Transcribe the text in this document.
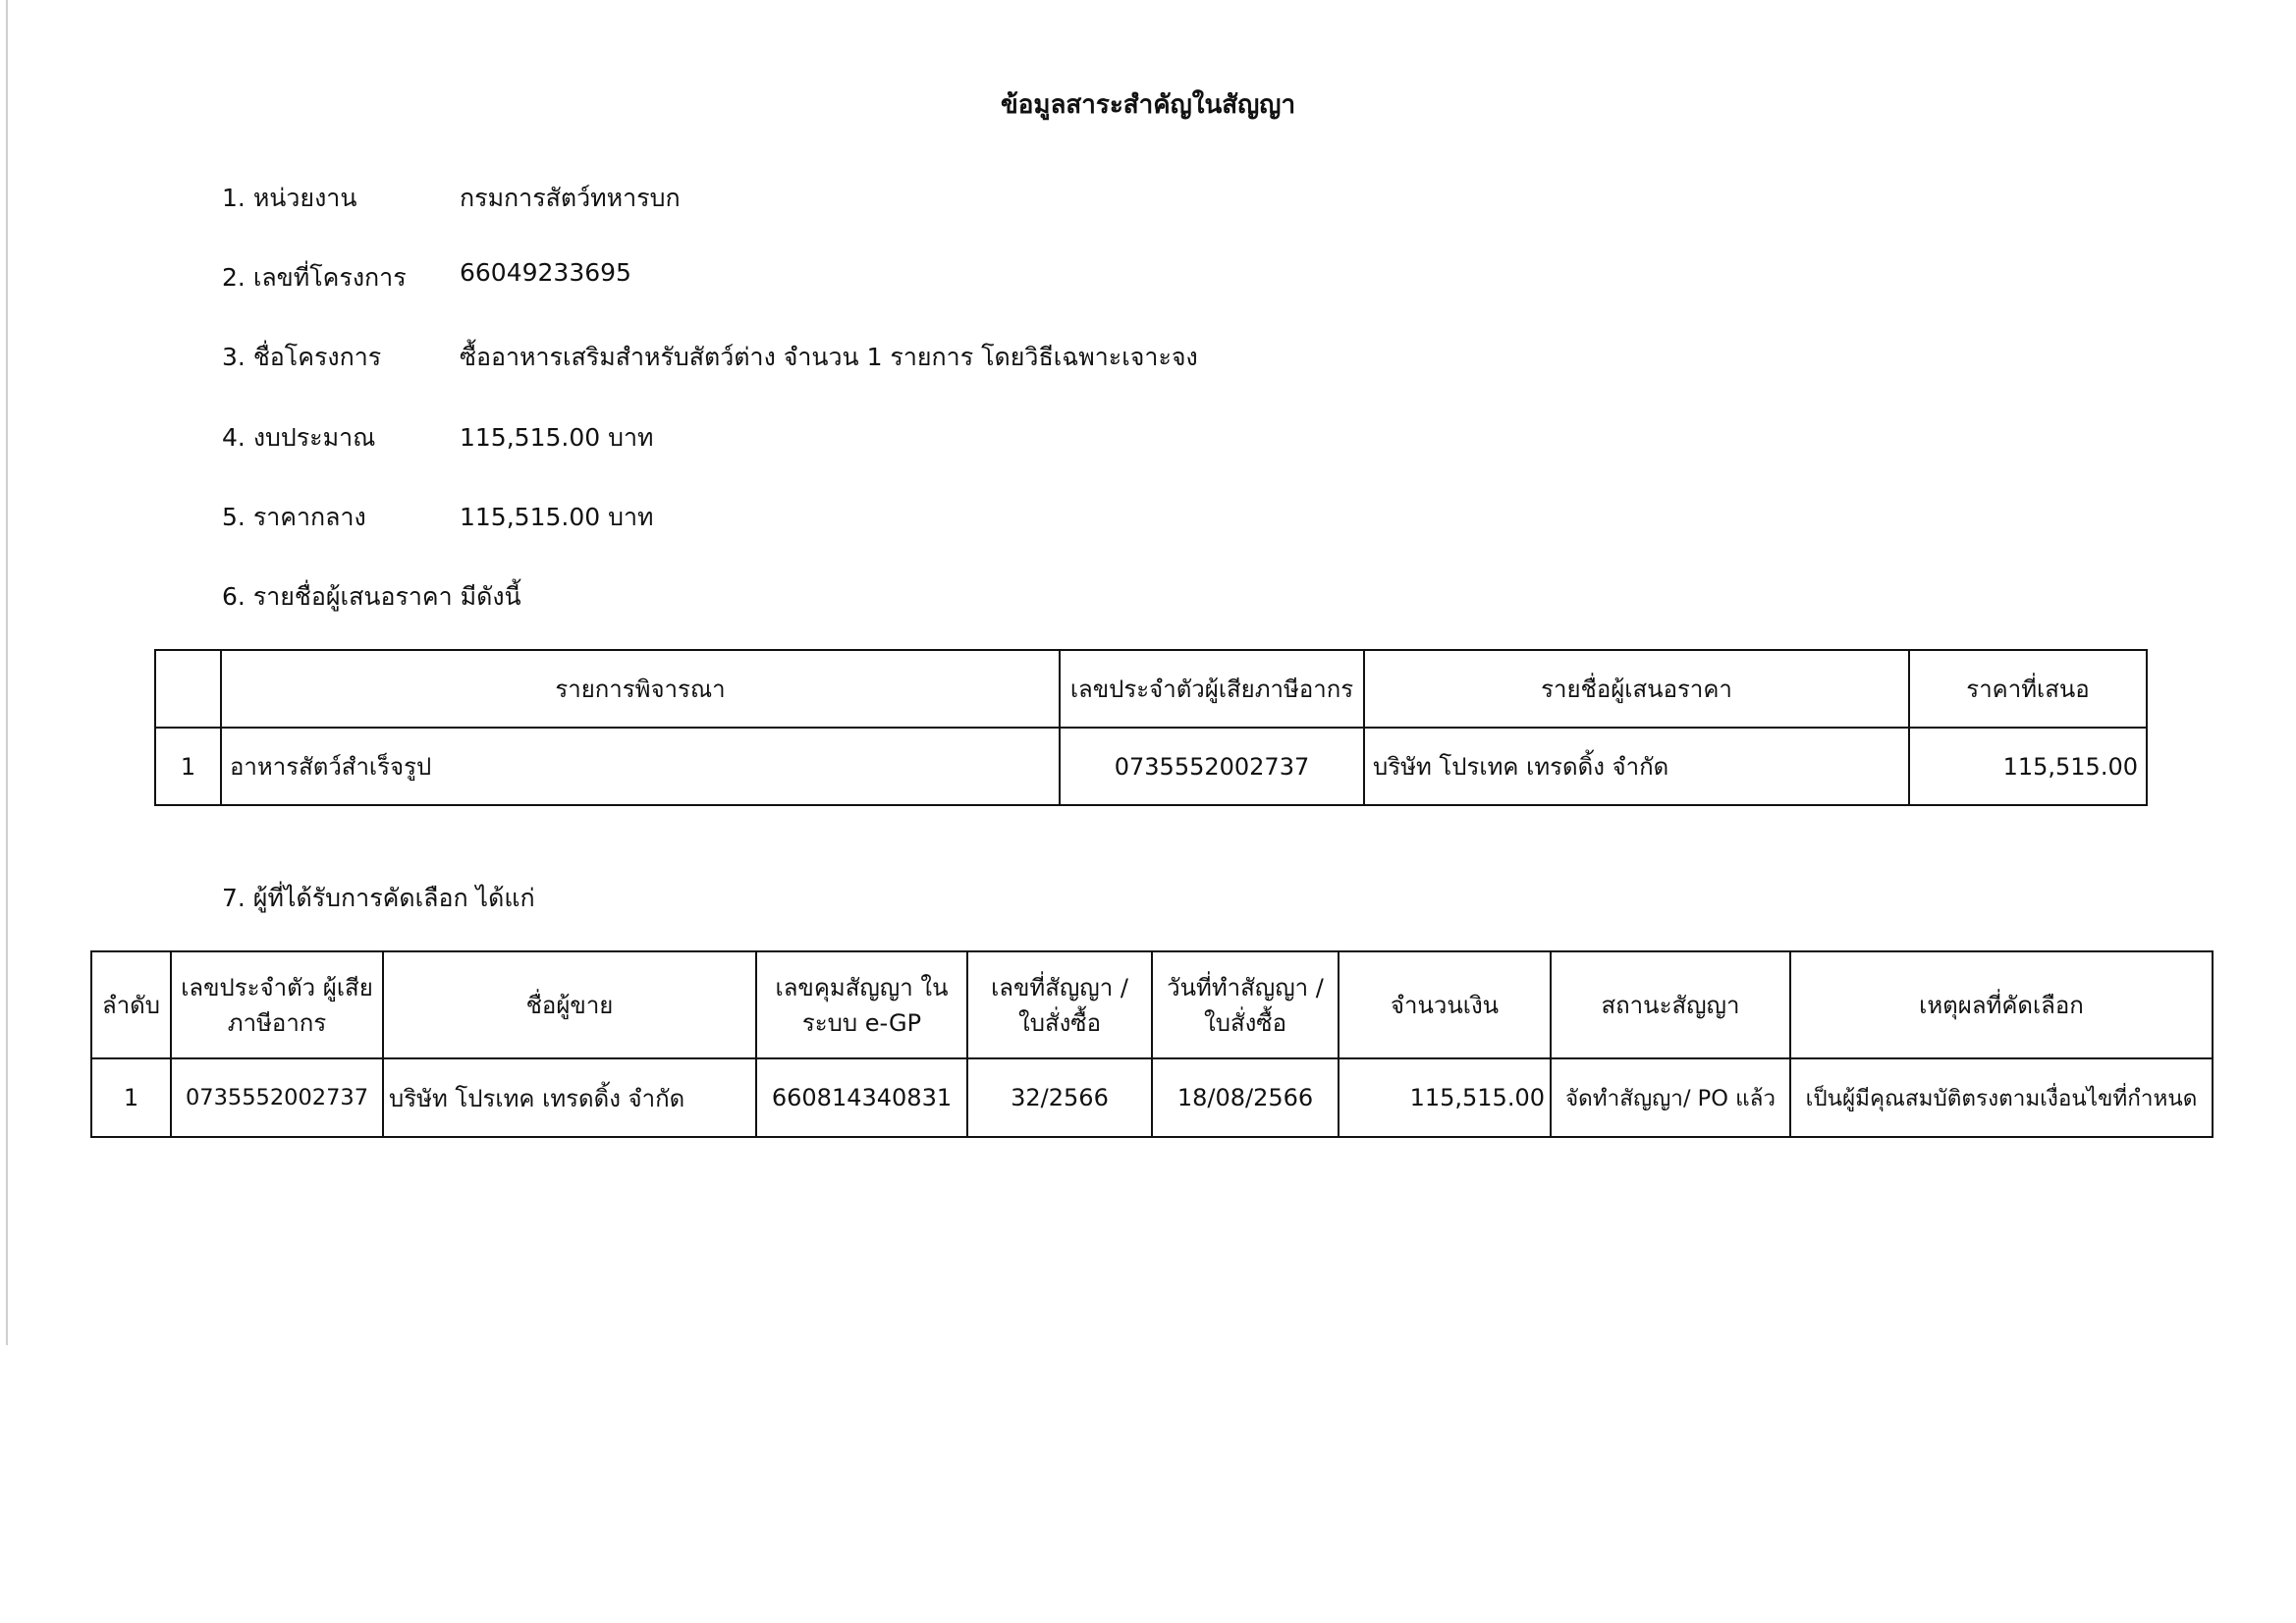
ข้อมูลสาระสำคัญในสัญญา
1. หน่วยงาน	กรมการสัตว์ทหารบก
2. เลขที่โครงการ 66049233695
3. ชื่อโครงการ	ซื้ออาหารเสริมสำหรับสัตว์ต่าง จำนวน 1 รายการ โดยวิธีเฉพาะเจาะจง
4. งบประมาณ	115,515.00 บาท
5. ราคากลาง	115,515.00 บาท
6. รายชื่อผู้เสนอราคา มีดังนี้
	รายการพิจารณา	เลขประจำตัวผู้เสียภาษีอากร	รายชื่อผู้เสนอราคา	ราคาที่เสนอ
1	อาหารสัตว์สำเร็จรูป	0735552002737	บริษัท โปรเทค เทรดดิ้ง จำกัด	115,515.00
7. ผู้ที่ได้รับการคัดเลือก ได้แก่
ลำดับ	เลขประจำตัว ผู้เสียภาษีอากร	ชื่อผู้ขาย	เลขคุมสัญญา ในระบบ e-GP	เลขที่สัญญา / ใบสั่งซื้อ	วันที่ทำสัญญา / ใบสั่งซื้อ	จำนวนเงิน	สถานะสัญญา	เหตุผลที่คัดเลือก
1	0735552002737	บริษัท โปรเทค เทรดดิ้ง จำกัด	660814340831	32/2566	18/08/2566	115,515.00	จัดทำสัญญา/ PO แล้ว	เป็นผู้มีคุณสมบัติตรงตามเงื่อนไขที่กำหนด
